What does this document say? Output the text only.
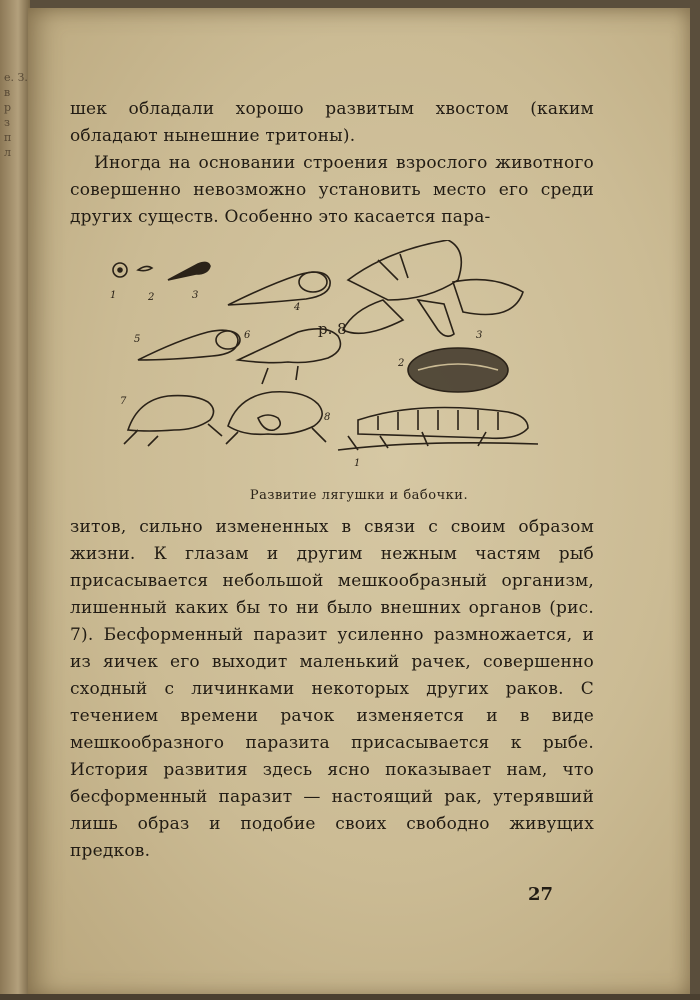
е. З.
в
р
з
п
л

шек обладали хорошо развитым хвостом (каким обладают нынешние тритоны).

Иногда на основании строения взрослого животного совершенно невозможно установить место его среди других существ. Особенно это касается пара-

1	2	3
4
5	6
7
8
3
2
1
р. 8
Развитие лягушки и бабочки.

зитов, сильно измененных в связи с своим образом жизни. К глазам и другим нежным частям рыб присасывается небольшой мешкообразный организм, лишенный каких бы то ни было внешних органов (рис. 7). Бесформенный паразит усиленно размножается, и из яичек его выходит маленький рачек, совершенно сходный с личинками некоторых других раков. С течением времени рачок изменяется и в виде мешкообразного паразита присасывается к рыбе. История развития здесь ясно показывает нам, что бесформенный паразит — настоящий рак, утерявший лишь образ и подобие своих свободно живущих предков.

27
